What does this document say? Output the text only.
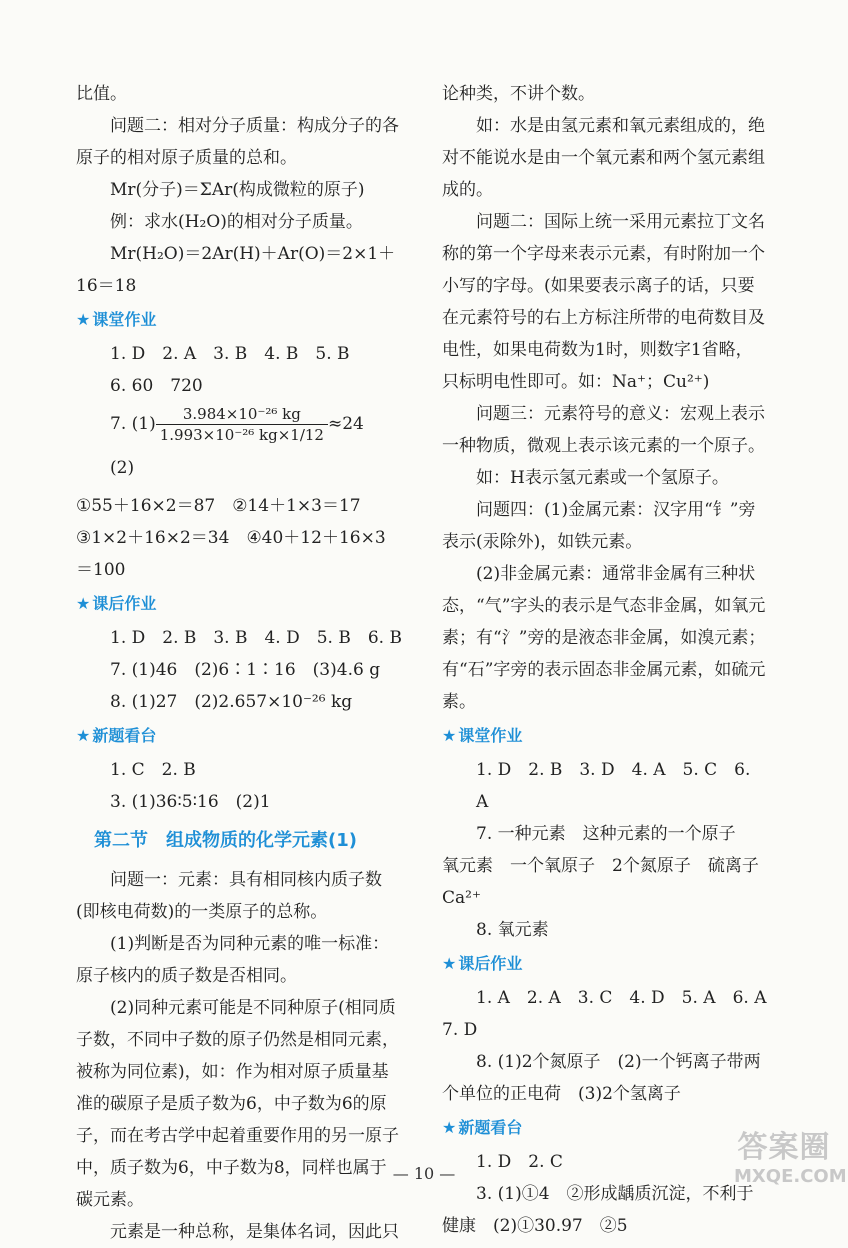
比值。

问题二：相对分子质量：构成分子的各原子的相对原子质量的总和。

Mr(分子)＝ΣAr(构成微粒的原子)

例：求水(H₂O)的相对分子质量。

Mr(H₂O)＝2Ar(H)＋Ar(O)＝2×1＋16＝18

★ 课堂作业

1. D　2. A　3. B　4. B　5. B

6. 60　720

7. $(1) \frac{\text{3.984×10⁻²⁶ kg}}{\text{1.993×10⁻²⁶ kg×1/12}} \approx 24$　(2)

①55＋16×2＝87　②14＋1×3＝17　③1×2＋16×2＝34　④40＋12＋16×3＝100

★ 课后作业

1. D　2. B　3. B　4. D　5. B　6. B

7. (1)46　(2)6∶1∶16　(3)4.6 g

8. (1)27　(2)2.657×10⁻²⁶ kg

★ 新题看台

1. C　2. B

3. (1)36∶5∶16　(2)1

第二节　组成物质的化学元素(1)

问题一：元素：具有相同核内质子数(即核电荷数)的一类原子的总称。

(1)判断是否为同种元素的唯一标准：原子核内的质子数是否相同。

(2)同种元素可能是不同种原子(相同质子数，不同中子数的原子仍然是相同元素，被称为同位素)，如：作为相对原子质量基准的碳原子是质子数为6，中子数为6的原子，而在考古学中起着重要作用的另一原子中，质子数为6，中子数为8，同样也属于碳元素。

元素是一种总称，是集体名词，因此只

论种类，不讲个数。

如：水是由氢元素和氧元素组成的，绝对不能说水是由一个氧元素和两个氢元素组成的。

问题二：国际上统一采用元素拉丁文名称的第一个字母来表示元素，有时附加一个小写的字母。(如果要表示离子的话，只要在元素符号的右上方标注所带的电荷数目及电性，如果电荷数为1时，则数字1省略，只标明电性即可。如：Na⁺；Cu²⁺)

问题三：元素符号的意义：宏观上表示一种物质，微观上表示该元素的一个原子。

如：H表示氢元素或一个氢原子。

问题四：(1)金属元素：汉字用“钅”旁表示(汞除外)，如铁元素。

(2)非金属元素：通常非金属有三种状态，“气”字头的表示是气态非金属，如氧元素；有“氵”旁的是液态非金属，如溴元素；有“石”字旁的表示固态非金属元素，如硫元素。

★ 课堂作业

1. D　2. B　3. D　4. A　5. C　6. A

7. 一种元素　这种元素的一个原子　氧元素　一个氧原子　2个氮原子　硫离子　Ca²⁺

8. 氧元素

★ 课后作业

1. A　2. A　3. C　4. D　5. A　6. A　7. D

8. (1)2个氮原子　(2)一个钙离子带两个单位的正电荷　(3)2个氢离子

★ 新题看台

1. D　2. C

3. (1)①4　②形成龋质沉淀，不利于健康　(2)①30.97　②5

— 10 —
答案圈
MXQE.COM
